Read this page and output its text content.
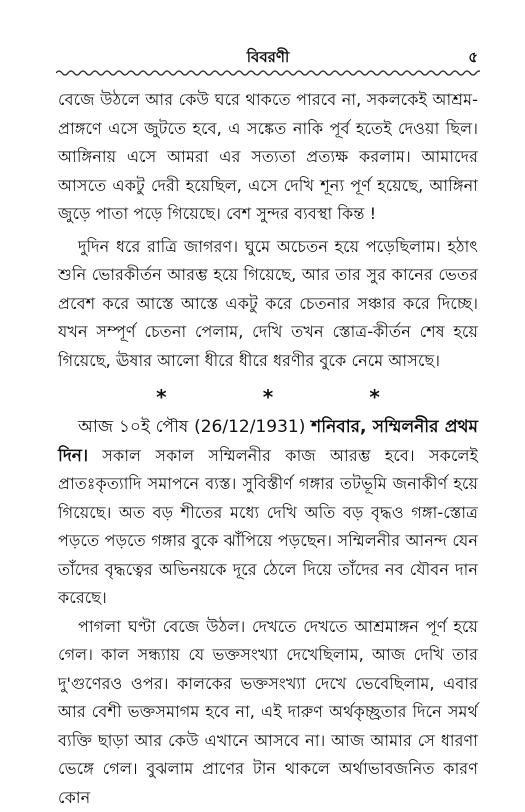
বিবরণী	৫

বেজে উঠলে আর কেউ ঘরে থাকতে পারবে না, সকলকেই আশ্রম-প্রাঙ্গণে এসে জুটতে হবে, এ সঙ্কেত নাকি পূর্ব হতেই দেওয়া ছিল। আঙ্গিনায় এসে আমরা এর সত্যতা প্রত্যক্ষ করলাম। আমাদের আসতে একটু দেরী হয়েছিল, এসে দেখি শূন্য পূর্ণ হয়েছে, আঙ্গিনা জুড়ে পাতা পড়ে গিয়েছে। বেশ সুন্দর ব্যবস্থা কিন্ত !

দুদিন ধরে রাত্রি জাগরণ। ঘুমে অচেতন হয়ে পড়েছিলাম। হঠাৎ শুনি ভোরকীর্তন আরম্ভ হয়ে গিয়েছে, আর তার সুর কানের ভেতর প্রবেশ করে আস্তে আস্তে একটু করে চেতনার সঞ্চার করে দিচ্ছে। যখন সম্পূর্ণ চেতনা পেলাম, দেখি তখন স্তোত্র-কীর্তন শেষ হয়ে গিয়েছে, ঊষার আলো ধীরে ধীরে ধরণীর বুকে নেমে আসছে।

*	*	*

আজ ১০ই পৌষ (26/12/1931) শনিবার, সম্মিলনীর প্রথম দিন। সকাল সকাল সম্মিলনীর কাজ আরম্ভ হবে। সকলেই প্রাতঃকৃত্যাদি সমাপনে ব্যস্ত। সুবিস্তীর্ণ গঙ্গার তটভূমি জনাকীর্ণ হয়ে গিয়েছে। অত বড় শীতের মধ্যে দেখি অতি বড় বৃদ্ধও গঙ্গা-স্তোত্র পড়তে পড়তে গঙ্গার বুকে ঝাঁপিয়ে পড়ছেন। সম্মিলনীর আনন্দ যেন তাঁদের বৃদ্ধত্বের অভিনয়কে দূরে ঠেলে দিয়ে তাঁদের নব যৌবন দান করেছে।

পাগলা ঘণ্টা বেজে উঠল। দেখতে দেখতে আশ্রমাঙ্গন পূর্ণ হয়ে গেল। কাল সন্ধ্যায় যে ভক্তসংখ্যা দেখেছিলাম, আজ দেখি তার দু'গুণেরও ওপর। কালকের ভক্তসংখ্যা দেখে ভেবেছিলাম, এবার আর বেশী ভক্তসমাগম হবে না, এই দারুণ অর্থকৃচ্ছ্রতার দিনে সমর্থ ব্যক্তি ছাড়া আর কেউ এখানে আসবে না। আজ আমার সে ধারণা ভেঙ্গে গেল। বুঝলাম প্রাণের টান থাকলে অর্থাভাবজনিত কারণ কোন
